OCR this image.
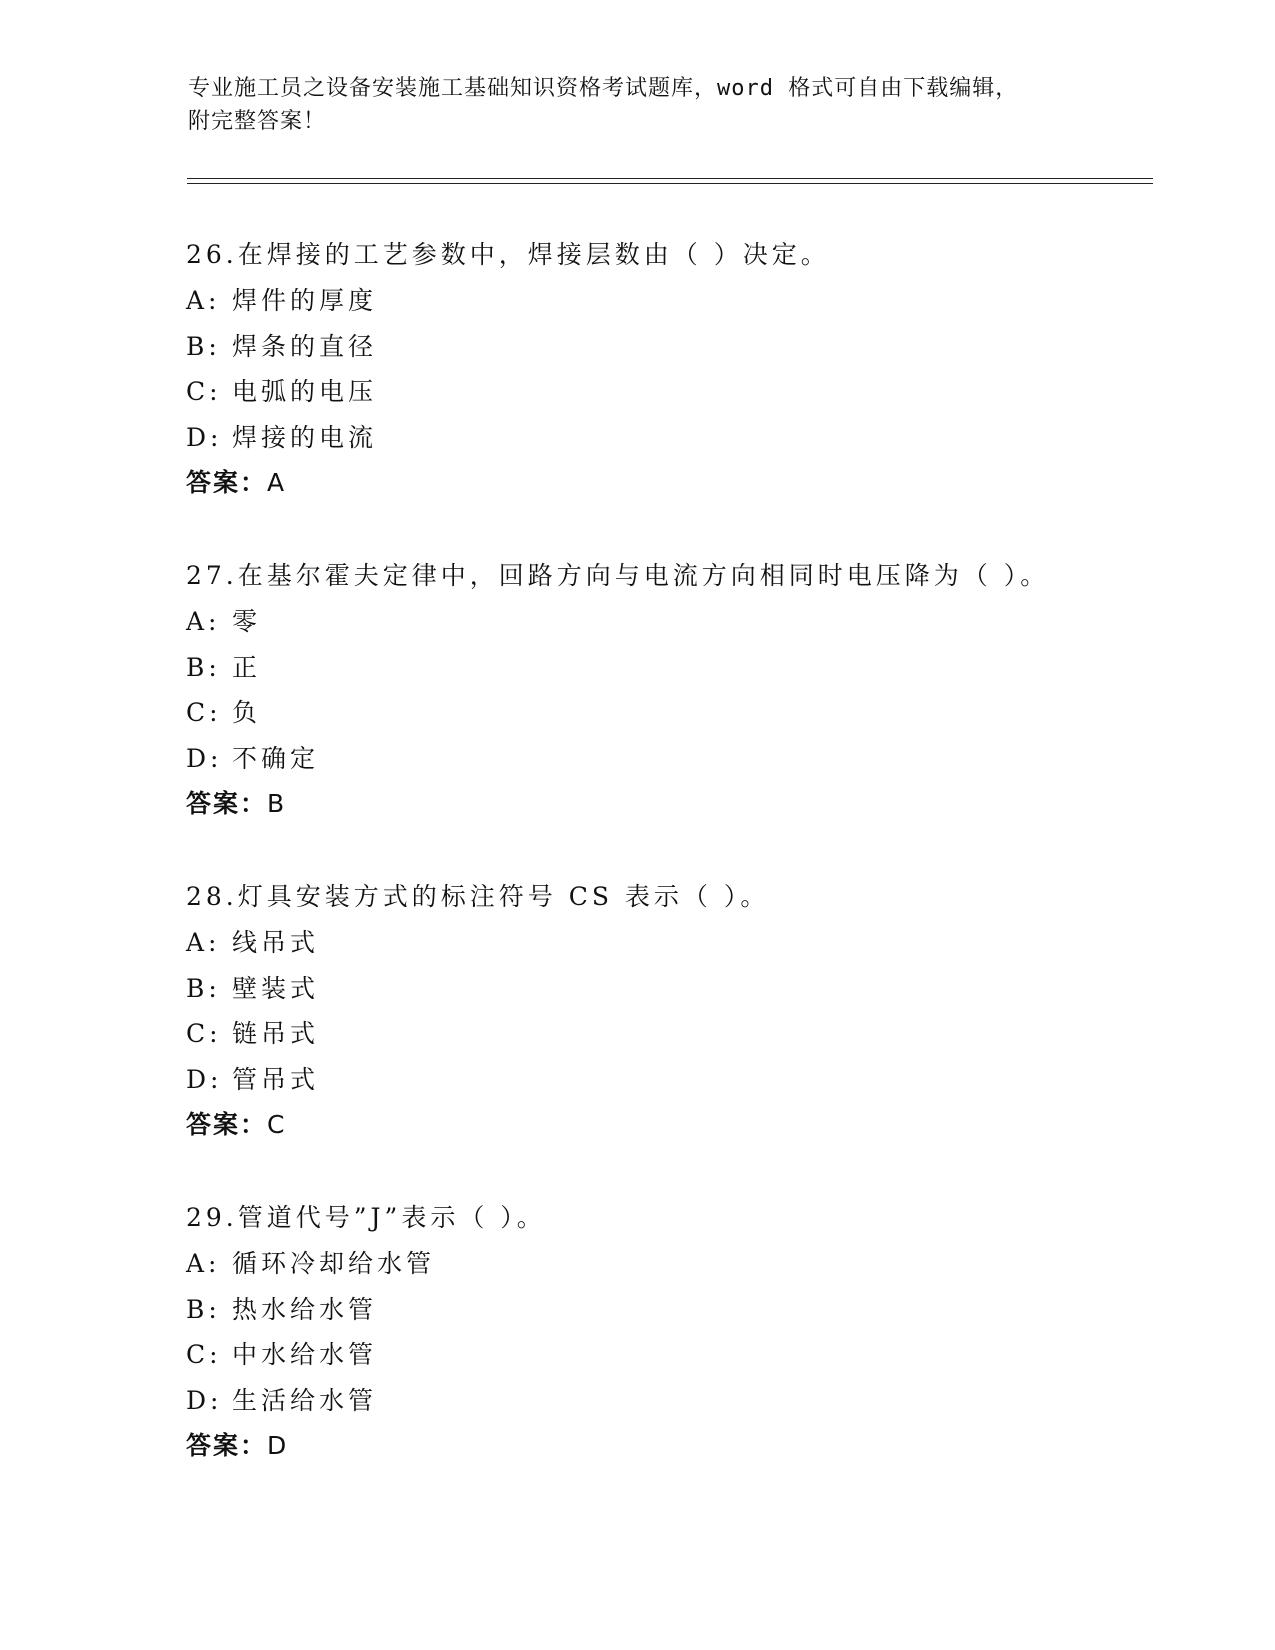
专业施工员之设备安装施工基础知识资格考试题库，word 格式可自由下载编辑，
附完整答案！
26.在焊接的工艺参数中，焊接层数由（ ）决定。
A: 焊件的厚度
B: 焊条的直径
C: 电弧的电压
D: 焊接的电流
答案：A
27.在基尔霍夫定律中，回路方向与电流方向相同时电压降为（ ）。
A: 零
B: 正
C: 负
D: 不确定
答案：B
28.灯具安装方式的标注符号 CS 表示（ ）。
A: 线吊式
B: 壁装式
C: 链吊式
D: 管吊式
答案：C
29.管道代号”J”表示（ ）。
A: 循环冷却给水管
B: 热水给水管
C: 中水给水管
D: 生活给水管
答案：D
